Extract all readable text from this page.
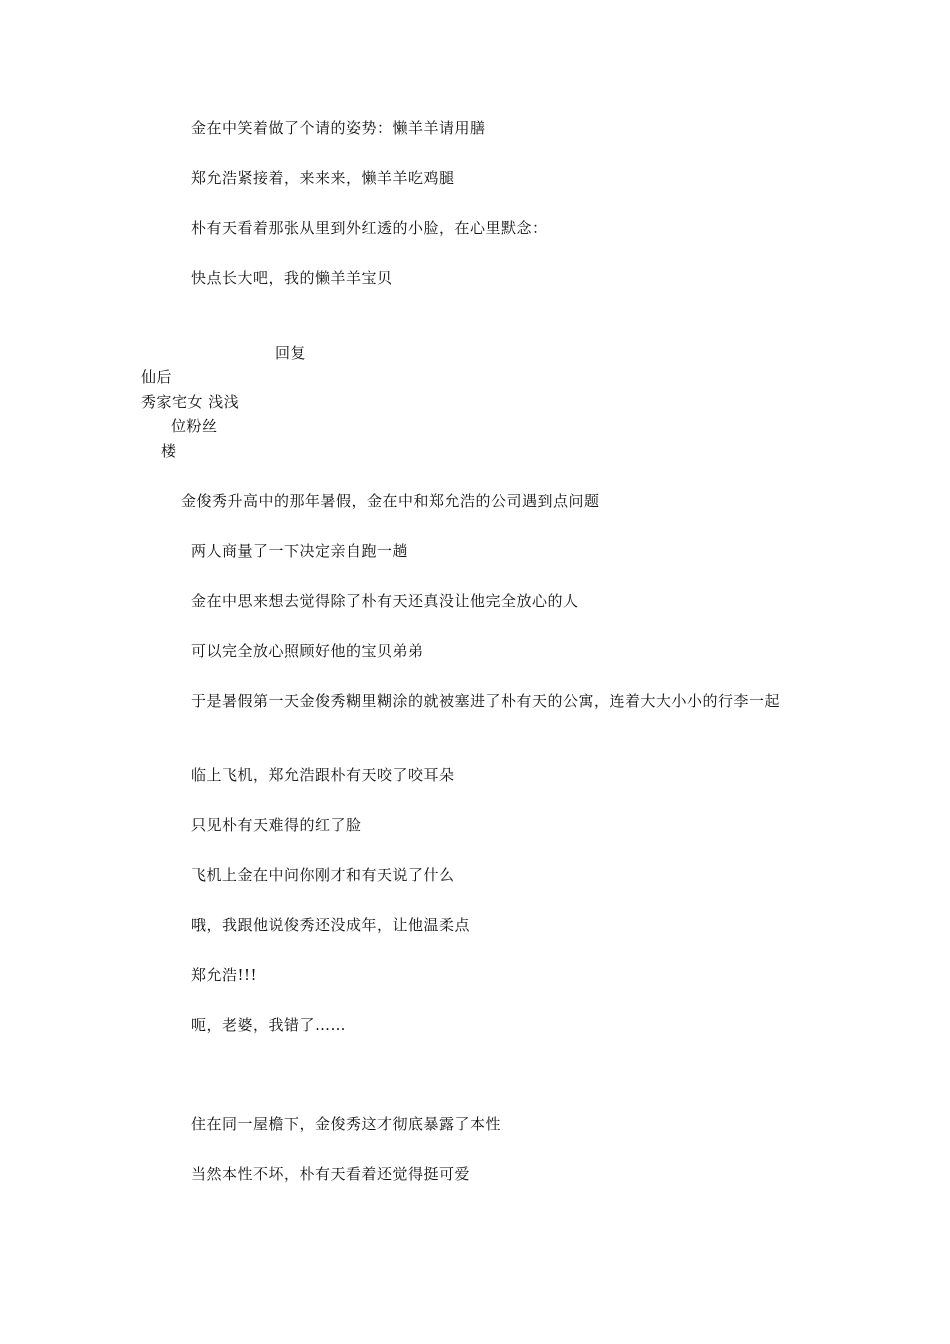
金在中笑着做了个请的姿势：懒羊羊请用膳
郑允浩紧接着，来来来，懒羊羊吃鸡腿
朴有天看着那张从里到外红透的小脸，在心里默念：
快点长大吧，我的懒羊羊宝贝
回复
仙后
秀家宅女 浅浅
位粉丝
楼
金俊秀升高中的那年暑假，金在中和郑允浩的公司遇到点问题
两人商量了一下决定亲自跑一趟
金在中思来想去觉得除了朴有天还真没让他完全放心的人
可以完全放心照顾好他的宝贝弟弟
于是暑假第一天金俊秀糊里糊涂的就被塞进了朴有天的公寓，连着大大小小的行李一起
临上飞机，郑允浩跟朴有天咬了咬耳朵
只见朴有天难得的红了脸
飞机上金在中问你刚才和有天说了什么
哦，我跟他说俊秀还没成年，让他温柔点
郑允浩!!!
呃，老婆，我错了……
住在同一屋檐下，金俊秀这才彻底暴露了本性
当然本性不坏，朴有天看着还觉得挺可爱
